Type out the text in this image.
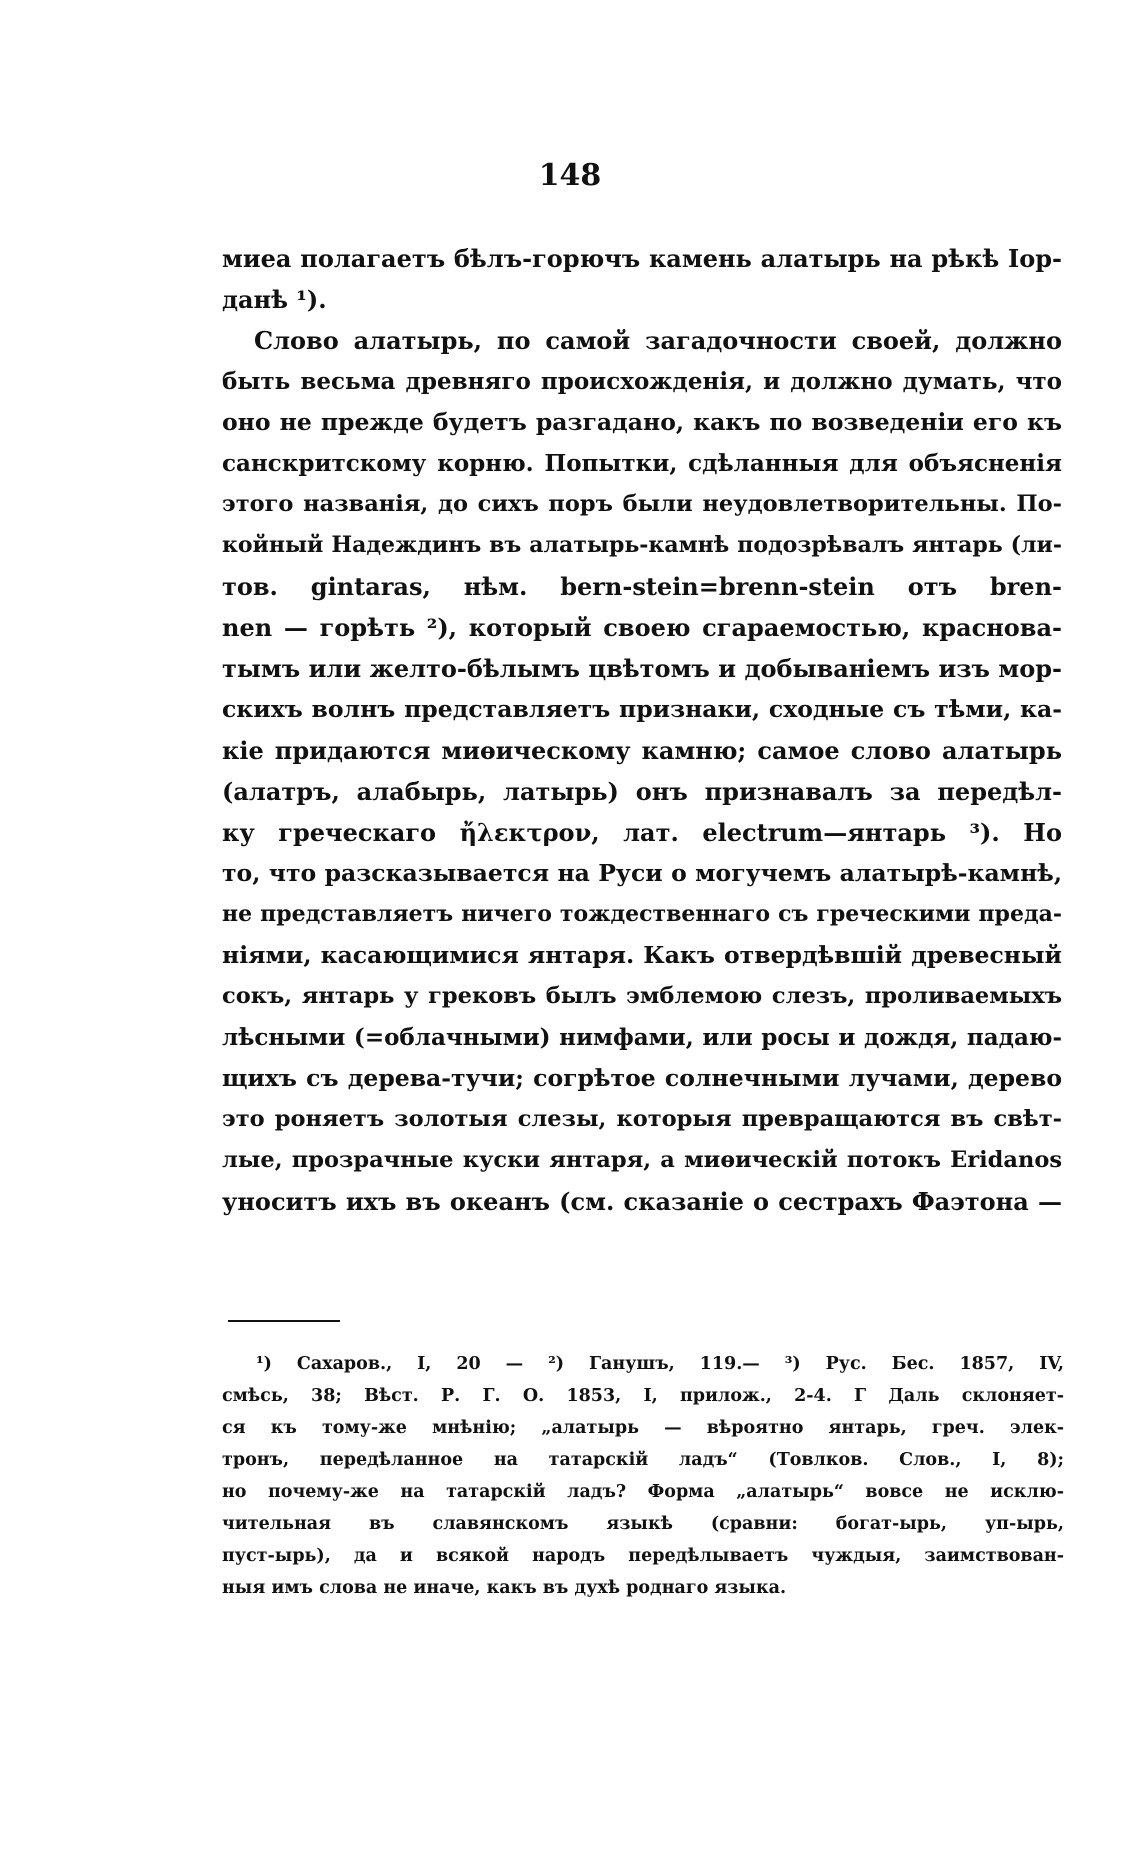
148
миеа полагаетъ бѣлъ-горючъ камень алатырь на рѣкѣ Іор-
данѣ ¹).
Слово алатырь, по самой загадочности своей, должно
быть весьма древняго происхожденія, и должно думать, что
оно не прежде будетъ разгадано, какъ по возведеніи его къ
санскритскому корню. Попытки, сдѣланныя для объясненія
этого названія, до сихъ поръ были неудовлетворительны. По-
койный Надеждинъ въ алатырь-камнѣ подозрѣвалъ янтарь (ли-
тов. gintaras, нѣм. bern-stein=brenn-stein отъ bren-
nen — горѣть ²), который своею сгараемостью, красновa-
тымъ или желто-бѣлымъ цвѣтомъ и добываніемъ изъ мор-
скихъ волнъ представляетъ признаки, сходные съ тѣми, ка-
кіе придаются миѳическому камню; самое слово алатырь
(алатръ, алабырь, латырь) онъ признавалъ за передѣл-
ку греческаго ἤλεκτρον, лат. electrum—янтарь ³). Но
то, что разсказывается на Руси о могучемъ алатырѣ-камнѣ,
не представляетъ ничего тождественнаго съ греческими преда-
ніями, касающимися янтаря. Какъ отвердѣвшій древесный
сокъ, янтарь у грековъ былъ эмблемою слезъ, проливаемыхъ
лѣсными (=облачными) нимфами, или росы и дождя, падаю-
щихъ съ дерева-тучи; согрѣтое солнечными лучами, дерево
это роняетъ золотыя слезы, которыя превращаются въ свѣт-
лые, прозрачные куски янтаря, а миѳическій потокъ Eridanos
уноситъ ихъ въ океанъ (см. сказаніе о сестрахъ Фаэтона —
¹) Сахаров., I, 20 — ²) Ганушъ, 119.— ³) Рус. Бес. 1857, IV,
смѣсь, 38; Вѣст. Р. Г. О. 1853, I, прилож., 2-4. Г Даль склоняет-
ся къ тому-же мнѣнію; „алатырь — вѣроятно янтарь, греч. элек-
тронъ, передѣланное на татарскій ладъ“ (Товлков. Слов., I, 8);
но почему-же на татарскій ладъ? Форма „алатырь“ вовсе не исклю-
чительная въ славянскомъ языкѣ (сравни: богат-ырь, уп-ырь,
пуст-ырь), да и всякой народъ передѣлываетъ чуждыя, заимствован-
ныя имъ слова не иначе, какъ въ духѣ роднаго языка.
